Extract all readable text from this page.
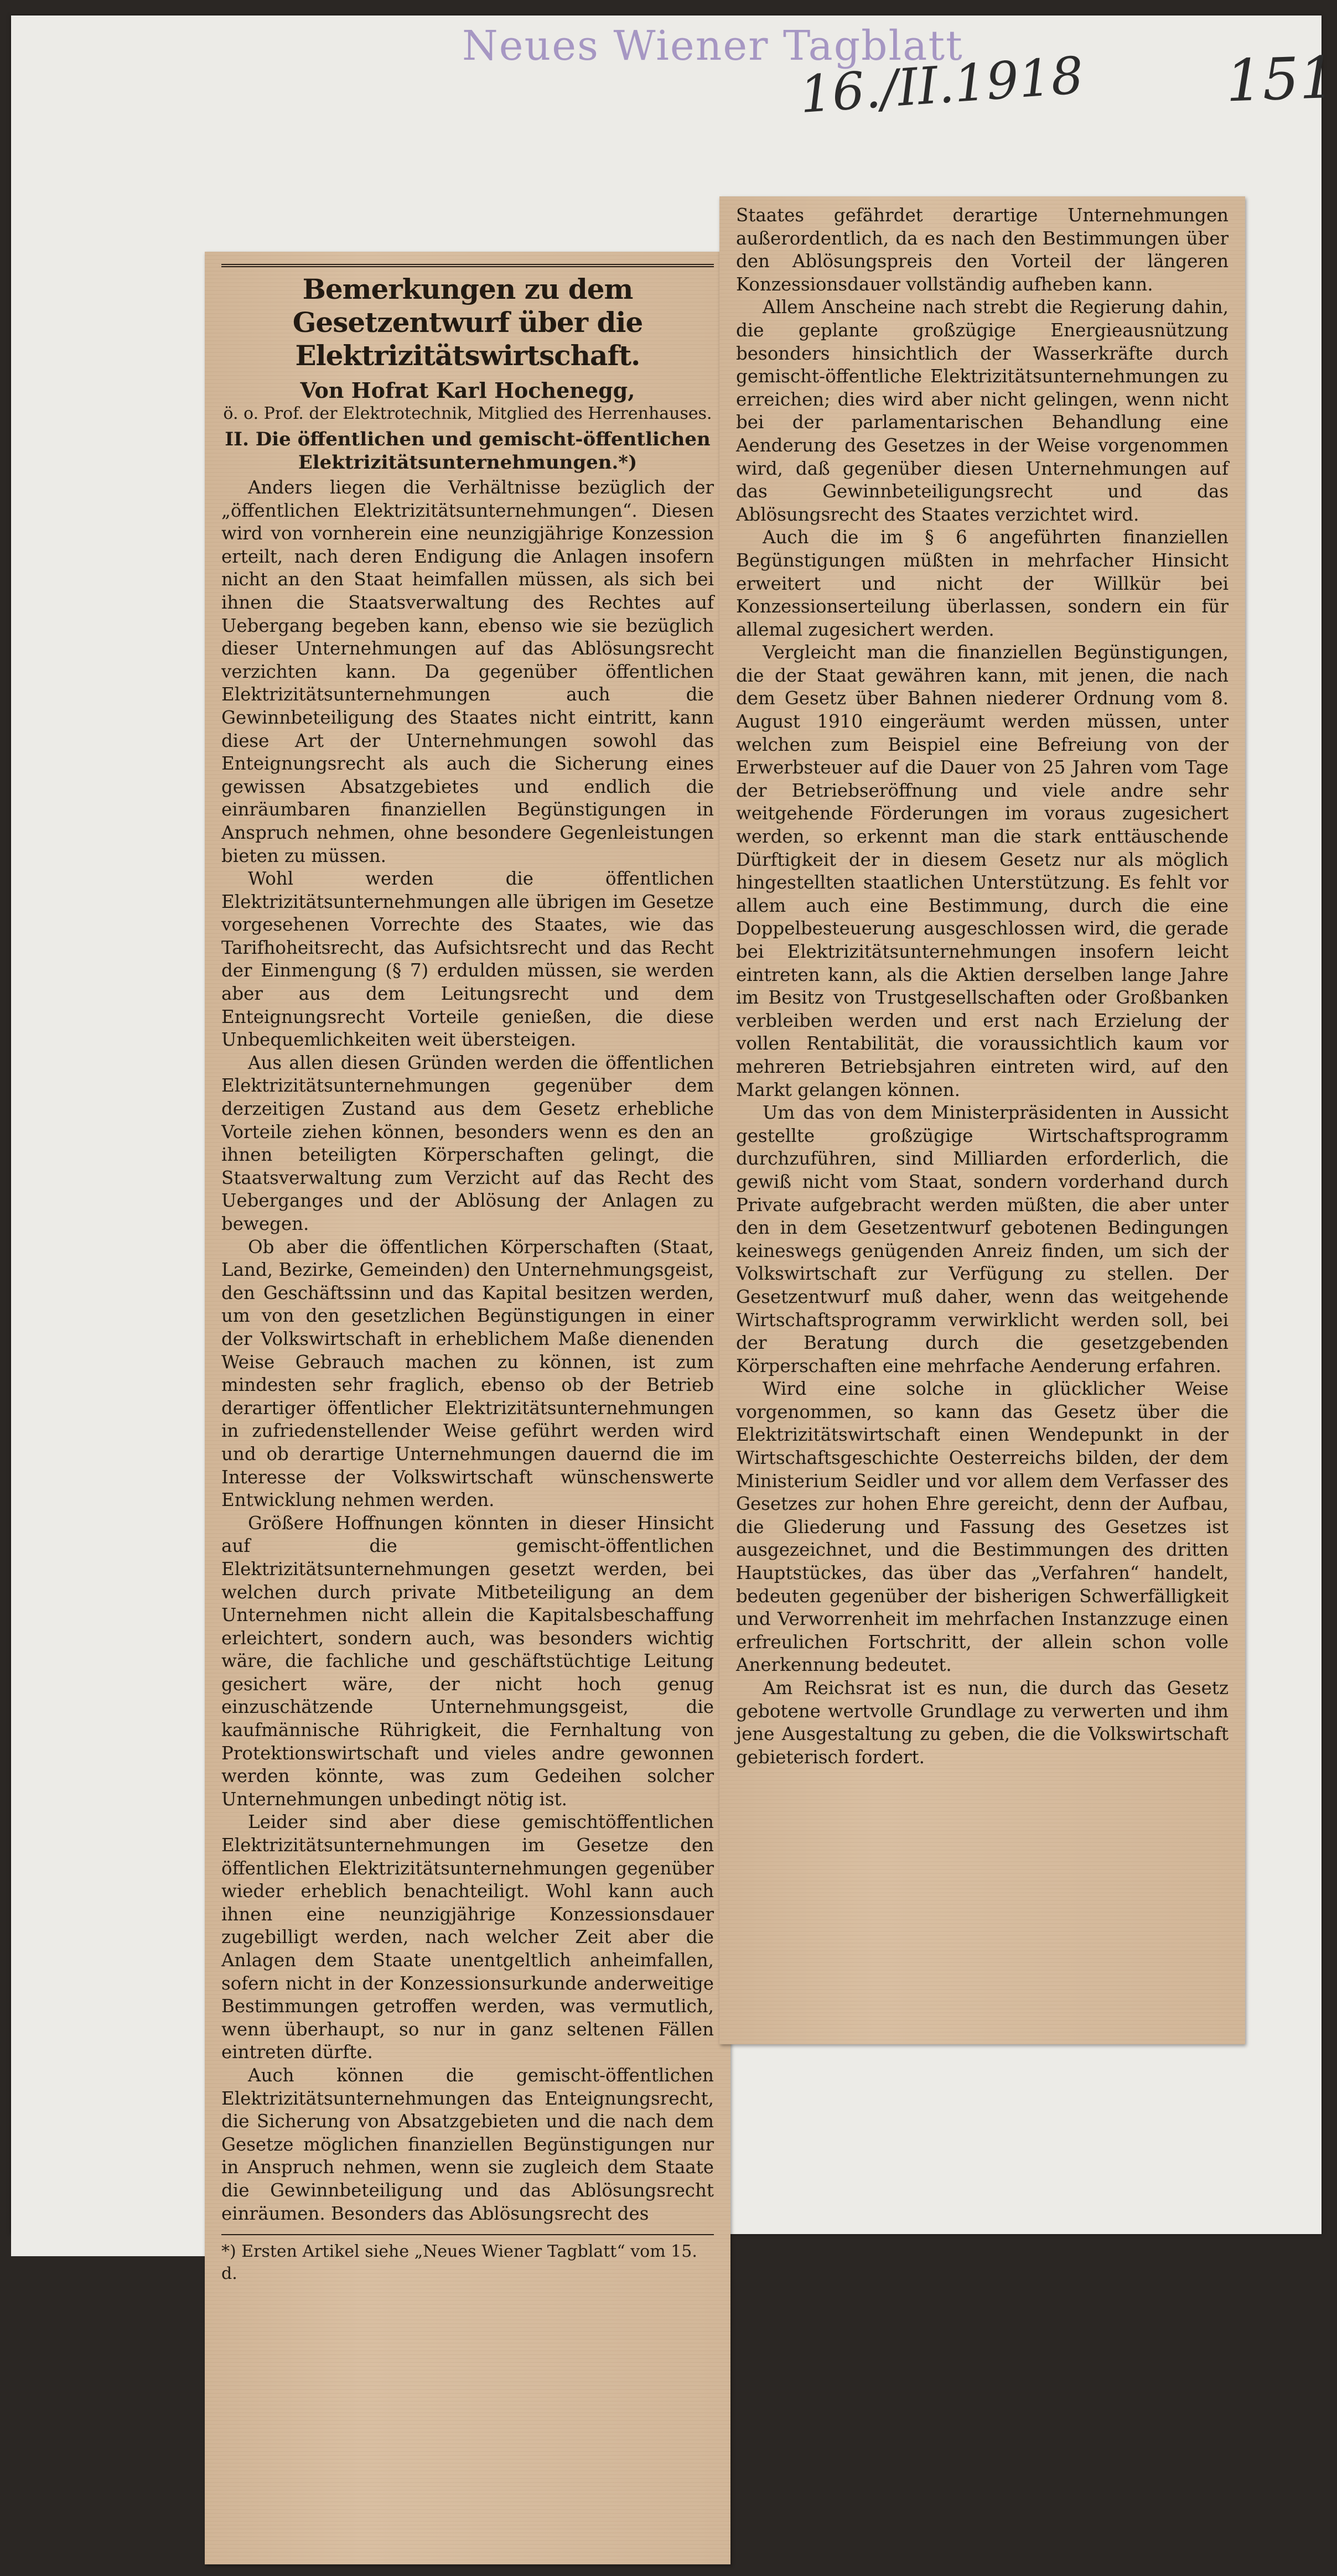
Neues Wiener Tagblatt
16./II.1918 151
Bemerkungen zu dem Gesetzentwurf über die Elektrizitätswirtschaft.
Von Hofrat Karl Hochenegg,
ö. o. Prof. der Elektrotechnik, Mitglied des Herrenhauses.
II. Die öffentlichen und gemischt-öffentlichen Elektrizitätsunternehmungen.*)

Anders liegen die Verhältnisse bezüglich der „öffentlichen Elektrizitätsunternehmungen“. Diesen wird von vornherein eine neunzigjährige Konzession erteilt, nach deren Endigung die Anlagen insofern nicht an den Staat heimfallen müssen, als sich bei ihnen die Staatsverwaltung des Rechtes auf Uebergang begeben kann, ebenso wie sie bezüglich dieser Unternehmungen auf das Ablösungsrecht verzichten kann. Da gegenüber öffentlichen Elektrizitätsunternehmungen auch die Gewinnbeteiligung des Staates nicht eintritt, kann diese Art der Unternehmungen sowohl das Enteignungsrecht als auch die Sicherung eines gewissen Absatzgebietes und endlich die einräumbaren finanziellen Begünstigungen in Anspruch nehmen, ohne besondere Gegenleistungen bieten zu müssen.

Wohl werden die öffentlichen Elektrizitätsunternehmungen alle übrigen im Gesetze vorgesehenen Vorrechte des Staates, wie das Tarifhoheitsrecht, das Aufsichtsrecht und das Recht der Einmengung (§ 7) erdulden müssen, sie werden aber aus dem Leitungsrecht und dem Enteignungsrecht Vorteile genießen, die diese Unbequemlichkeiten weit übersteigen.

Aus allen diesen Gründen werden die öffentlichen Elektrizitätsunternehmungen gegenüber dem derzeitigen Zustand aus dem Gesetz erhebliche Vorteile ziehen können, besonders wenn es den an ihnen beteiligten Körperschaften gelingt, die Staatsverwaltung zum Verzicht auf das Recht des Ueberganges und der Ablösung der Anlagen zu bewegen.

Ob aber die öffentlichen Körperschaften (Staat, Land, Bezirke, Gemeinden) den Unternehmungsgeist, den Geschäftssinn und das Kapital besitzen werden, um von den gesetzlichen Begünstigungen in einer der Volkswirtschaft in erheblichem Maße dienenden Weise Gebrauch machen zu können, ist zum mindesten sehr fraglich, ebenso ob der Betrieb derartiger öffentlicher Elektrizitätsunternehmungen in zufriedenstellender Weise geführt werden wird und ob derartige Unternehmungen dauernd die im Interesse der Volkswirtschaft wünschenswerte Entwicklung nehmen werden.

Größere Hoffnungen könnten in dieser Hinsicht auf die gemischt-öffentlichen Elektrizitätsunternehmungen gesetzt werden, bei welchen durch private Mitbeteiligung an dem Unternehmen nicht allein die Kapitalsbeschaffung erleichtert, sondern auch, was besonders wichtig wäre, die fachliche und geschäftstüchtige Leitung gesichert wäre, der nicht hoch genug einzuschätzende Unternehmungsgeist, die kaufmännische Rührigkeit, die Fernhaltung von Protektionswirtschaft und vieles andre gewonnen werden könnte, was zum Gedeihen solcher Unternehmungen unbedingt nötig ist.

Leider sind aber diese gemischtöffentlichen Elektrizitätsunternehmungen im Gesetze den öffentlichen Elektrizitätsunternehmungen gegenüber wieder erheblich benachteiligt. Wohl kann auch ihnen eine neunzigjährige Konzessionsdauer zugebilligt werden, nach welcher Zeit aber die Anlagen dem Staate unentgeltlich anheimfallen, sofern nicht in der Konzessionsurkunde anderweitige Bestimmungen getroffen werden, was vermutlich, wenn überhaupt, so nur in ganz seltenen Fällen eintreten dürfte.

Auch können die gemischt-öffentlichen Elektrizitätsunternehmungen das Enteignungsrecht, die Sicherung von Absatzgebieten und die nach dem Gesetze möglichen finanziellen Begünstigungen nur in Anspruch nehmen, wenn sie zugleich dem Staate die Gewinnbeteiligung und das Ablösungsrecht einräumen. Besonders das Ablösungsrecht des

*) Ersten Artikel siehe „Neues Wiener Tagblatt“ vom 15. d.

Staates gefährdet derartige Unternehmungen außerordentlich, da es nach den Bestimmungen über den Ablösungspreis den Vorteil der längeren Konzessionsdauer vollständig aufheben kann.

Allem Anscheine nach strebt die Regierung dahin, die geplante großzügige Energieausnützung besonders hinsichtlich der Wasserkräfte durch gemischt-öffentliche Elektrizitätsunternehmungen zu erreichen; dies wird aber nicht gelingen, wenn nicht bei der parlamentarischen Behandlung eine Aenderung des Gesetzes in der Weise vorgenommen wird, daß gegenüber diesen Unternehmungen auf das Gewinnbeteiligungsrecht und das Ablösungsrecht des Staates verzichtet wird.

Auch die im § 6 angeführten finanziellen Begünstigungen müßten in mehrfacher Hinsicht erweitert und nicht der Willkür bei Konzessionserteilung überlassen, sondern ein für allemal zugesichert werden.

Vergleicht man die finanziellen Begünstigungen, die der Staat gewähren kann, mit jenen, die nach dem Gesetz über Bahnen niederer Ordnung vom 8. August 1910 eingeräumt werden müssen, unter welchen zum Beispiel eine Befreiung von der Erwerbsteuer auf die Dauer von 25 Jahren vom Tage der Betriebseröffnung und viele andre sehr weitgehende Förderungen im voraus zugesichert werden, so erkennt man die stark enttäuschende Dürftigkeit der in diesem Gesetz nur als möglich hingestellten staatlichen Unterstützung. Es fehlt vor allem auch eine Bestimmung, durch die eine Doppelbesteuerung ausgeschlossen wird, die gerade bei Elektrizitätsunternehmungen insofern leicht eintreten kann, als die Aktien derselben lange Jahre im Besitz von Trustgesellschaften oder Großbanken verbleiben werden und erst nach Erzielung der vollen Rentabilität, die voraussichtlich kaum vor mehreren Betriebsjahren eintreten wird, auf den Markt gelangen können.

Um das von dem Ministerpräsidenten in Aussicht gestellte großzügige Wirtschaftsprogramm durchzuführen, sind Milliarden erforderlich, die gewiß nicht vom Staat, sondern vorderhand durch Private aufgebracht werden müßten, die aber unter den in dem Gesetzentwurf gebotenen Bedingungen keineswegs genügenden Anreiz finden, um sich der Volkswirtschaft zur Verfügung zu stellen. Der Gesetzentwurf muß daher, wenn das weitgehende Wirtschaftsprogramm verwirklicht werden soll, bei der Beratung durch die gesetzgebenden Körperschaften eine mehrfache Aenderung erfahren.

Wird eine solche in glücklicher Weise vorgenommen, so kann das Gesetz über die Elektrizitätswirtschaft einen Wendepunkt in der Wirtschaftsgeschichte Oesterreichs bilden, der dem Ministerium Seidler und vor allem dem Verfasser des Gesetzes zur hohen Ehre gereicht, denn der Aufbau, die Gliederung und Fassung des Gesetzes ist ausgezeichnet, und die Bestimmungen des dritten Hauptstückes, das über das „Verfahren“ handelt, bedeuten gegenüber der bisherigen Schwerfälligkeit und Verworrenheit im mehrfachen Instanzzuge einen erfreulichen Fortschritt, der allein schon volle Anerkennung bedeutet.

Am Reichsrat ist es nun, die durch das Gesetz gebotene wertvolle Grundlage zu verwerten und ihm jene Ausgestaltung zu geben, die die Volkswirtschaft gebieterisch fordert.
